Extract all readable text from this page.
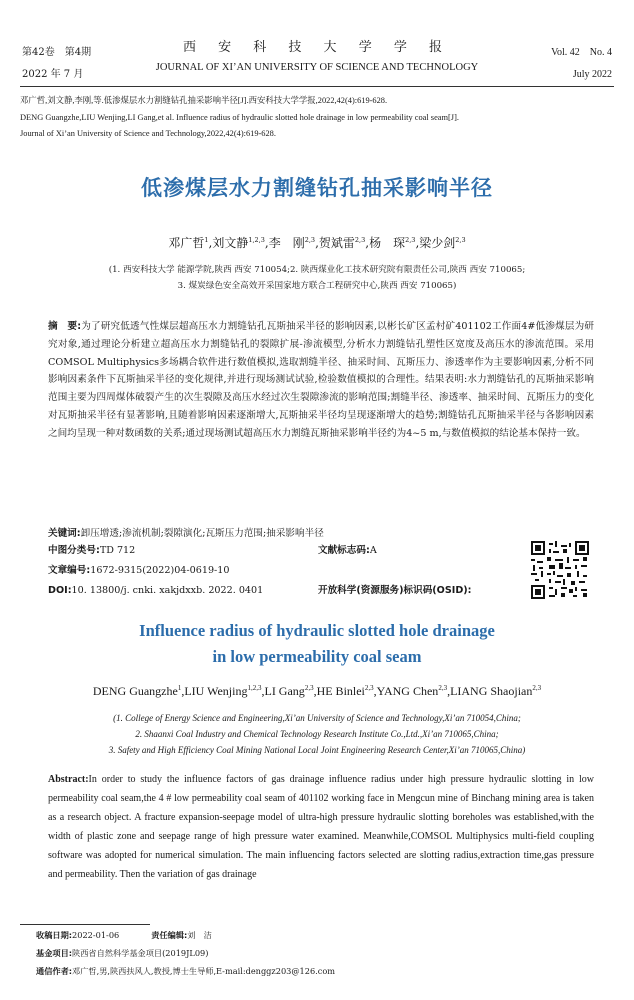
第42卷　第4期
2022 年 7 月
西 安 科 技 大 学 学 报
JOURNAL OF XI’AN UNIVERSITY OF SCIENCE AND TECHNOLOGY
Vol. 42　No. 4
July 2022
邓广哲,刘文静,李刚,等.低渗煤层水力割缝钻孔抽采影响半径[J].西安科技大学学报,2022,42(4):619-628.
DENG Guangzhe,LIU Wenjing,LI Gang,et al. Influence radius of hydraulic slotted hole drainage in low permeability coal seam[J].
Journal of Xi’an University of Science and Technology,2022,42(4):619-628.
低渗煤层水力割缝钻孔抽采影响半径
邓广哲$^1$,刘文静$^{1,2,3}$,李　刚$^{2,3}$,贺斌雷$^{2,3}$,杨　琛$^{2,3}$,梁少剑$^{2,3}$
(1. 西安科技大学 能源学院,陕西 西安 710054;2. 陕西煤业化工技术研究院有限责任公司,陕西 西安 710065;
3. 煤炭绿色安全高效开采国家地方联合工程研究中心,陕西 西安 710065)
摘　要:为了研究低透气性煤层超高压水力割缝钻孔瓦斯抽采半径的影响因素,以彬长矿区孟村矿401102工作面4#低渗煤层为研究对象,通过理论分析建立超高压水力割缝钻孔的裂隙扩展-渗流模型,分析水力割缝钻孔塑性区宽度及高压水的渗流范围。采用COMSOL Multiphysics多场耦合软件进行数值模拟,选取割缝半径、抽采时间、瓦斯压力、渗透率作为主要影响因素,分析不同影响因素条件下瓦斯抽采半径的变化规律,并进行现场测试试验,检验数值模拟的合理性。结果表明:水力割缝钻孔的瓦斯抽采影响范围主要为四周煤体破裂产生的次生裂隙及高压水经过次生裂隙渗流的影响范围;割缝半径、渗透率、抽采时间、瓦斯压力的变化对瓦斯抽采半径有显著影响,且随着影响因素逐渐增大,瓦斯抽采半径均呈现逐渐增大的趋势;割缝钻孔瓦斯抽采半径与各影响因素之间均呈现一种对数函数的关系;通过现场测试超高压水力割缝瓦斯抽采影响半径约为4~5 m,与数值模拟的结论基本保持一致。
关键词:卸压增透;渗流机制;裂隙演化;瓦斯压力范围;抽采影响半径
中图分类号:TD 712	文献标志码:A
文章编号:1672-9315(2022)04-0619-10
DOI:10. 13800/j. cnki. xakjdxxb. 2022. 0401	开放科学(资源服务)标识码(OSID):
Influence radius of hydraulic slotted hole drainage
in low permeability coal seam
DENG Guangzhe$^1$,LIU Wenjing$^{1,2,3}$,LI Gang$^{2,3}$,HE Binlei$^{2,3}$,YANG Chen$^{2,3}$,LIANG Shaojian$^{2,3}$
(1. College of Energy Science and Engineering,Xi’an University of Science and Technology,Xi’an 710054,China;
2. Shaanxi Coal Industry and Chemical Technology Research Institute Co.,Ltd.,Xi’an 710065,China;
3. Safety and High Efficiency Coal Mining National Local Joint Engineering Research Center,Xi’an 710065,China)
Abstract:In order to study the influence factors of gas drainage influence radius under high pressure hydraulic slotting in low permeability coal seam,the 4 # low permeability coal seam of 401102 working face in Mengcun mine of Binchang mining area is taken as a research object. A fracture expansion-seepage model of ultra-high pressure hydraulic slotting boreholes was established,with the width of plastic zone and seepage range of high pressure water examined. Meanwhile,COMSOL Multiphysics multi-field coupling software was adopted for numerical simulation. The main influencing factors selected are slotting radius,extraction time,gas pressure and permeability. Then the variation of gas drainage
收稿日期:2022-01-06	责任编辑:刘　洁
基金项目:陕西省自然科学基金项目(2019JL09)
通信作者:邓广哲,男,陕西扶风人,教授,博士生导师,E-mail:denggz203@126.com
